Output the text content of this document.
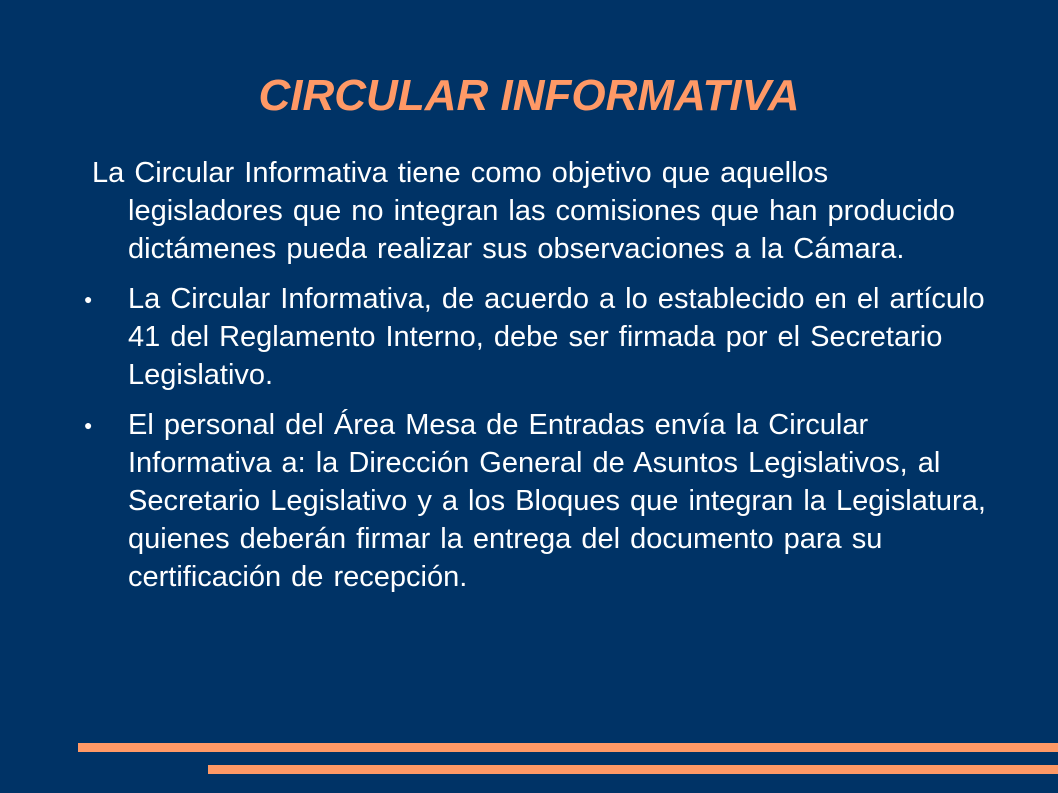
CIRCULAR INFORMATIVA

La Circular Informativa tiene como objetivo que aquellos legisladores que no integran las comisiones que han producido dictámenes pueda realizar sus observaciones a la Cámara.

●	La Circular Informativa, de acuerdo a lo establecido en el artículo 41 del Reglamento Interno, debe ser firmada por el Secretario Legislativo.

●	El personal del Área Mesa de Entradas envía la Circular Informativa a: la Dirección General de Asuntos Legislativos, al Secretario Legislativo y a los Bloques que integran la Legislatura, quienes deberán firmar la entrega del documento para su certificación de recepción.
